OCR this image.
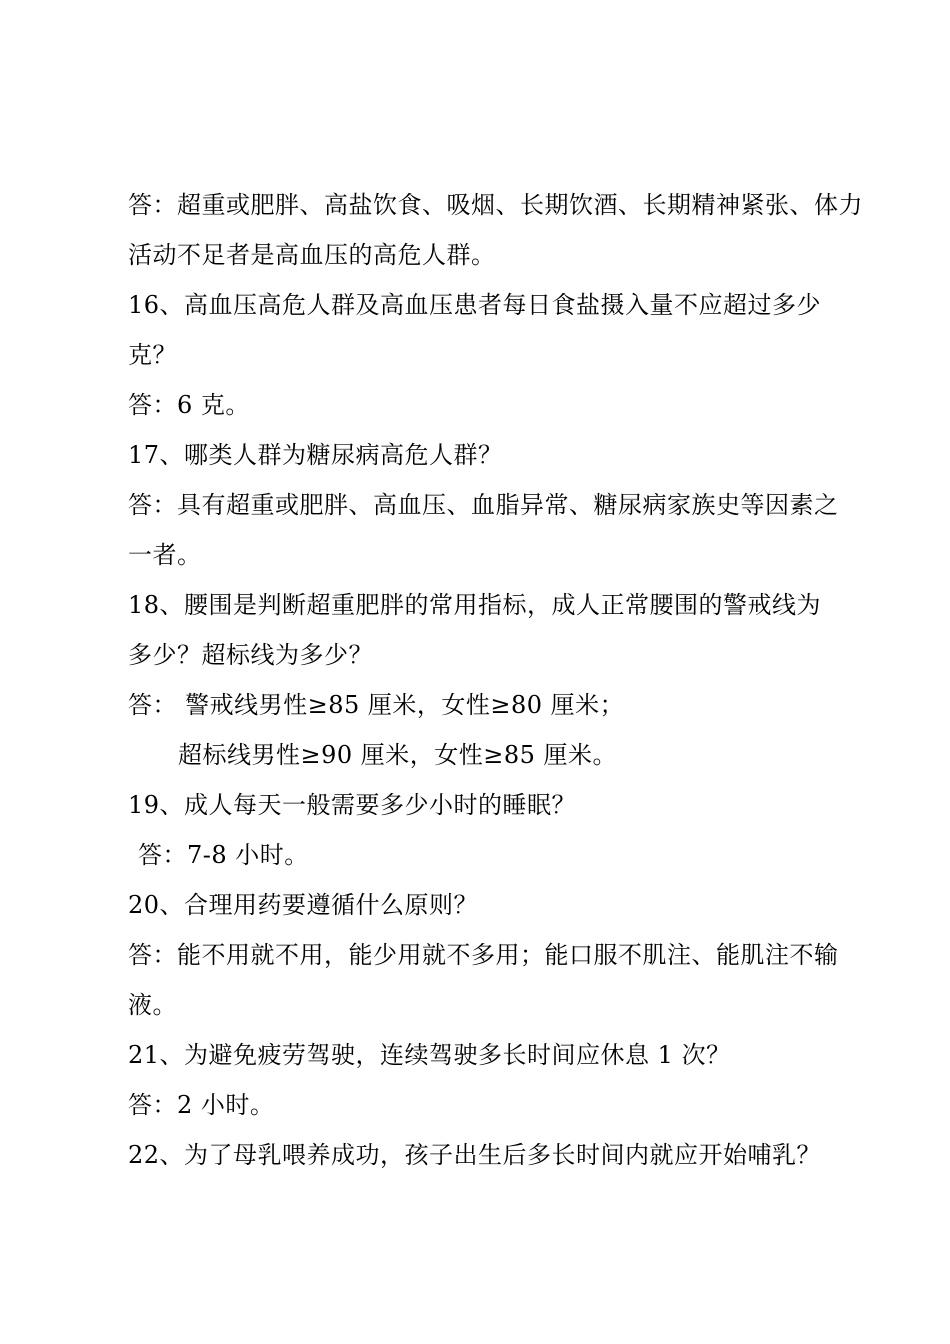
答：超重或肥胖、高盐饮食、吸烟、长期饮酒、长期精神紧张、体力
活动不足者是高血压的高危人群。
16、高血压高危人群及高血压患者每日食盐摄入量不应超过多少
克？
答：6 克。
17、哪类人群为糖尿病高危人群？
答：具有超重或肥胖、高血压、血脂异常、糖尿病家族史等因素之
一者。
18、腰围是判断超重肥胖的常用指标，成人正常腰围的警戒线为
多少？超标线为多少？
答： 警戒线男性≥85 厘米，女性≥80 厘米；
超标线男性≥90 厘米，女性≥85 厘米。
19、成人每天一般需要多少小时的睡眠？
答：7-8 小时。
20、合理用药要遵循什么原则？
答：能不用就不用，能少用就不多用；能口服不肌注、能肌注不输
液。
21、为避免疲劳驾驶，连续驾驶多长时间应休息 1 次？
答：2 小时。
22、为了母乳喂养成功，孩子出生后多长时间内就应开始哺乳？
